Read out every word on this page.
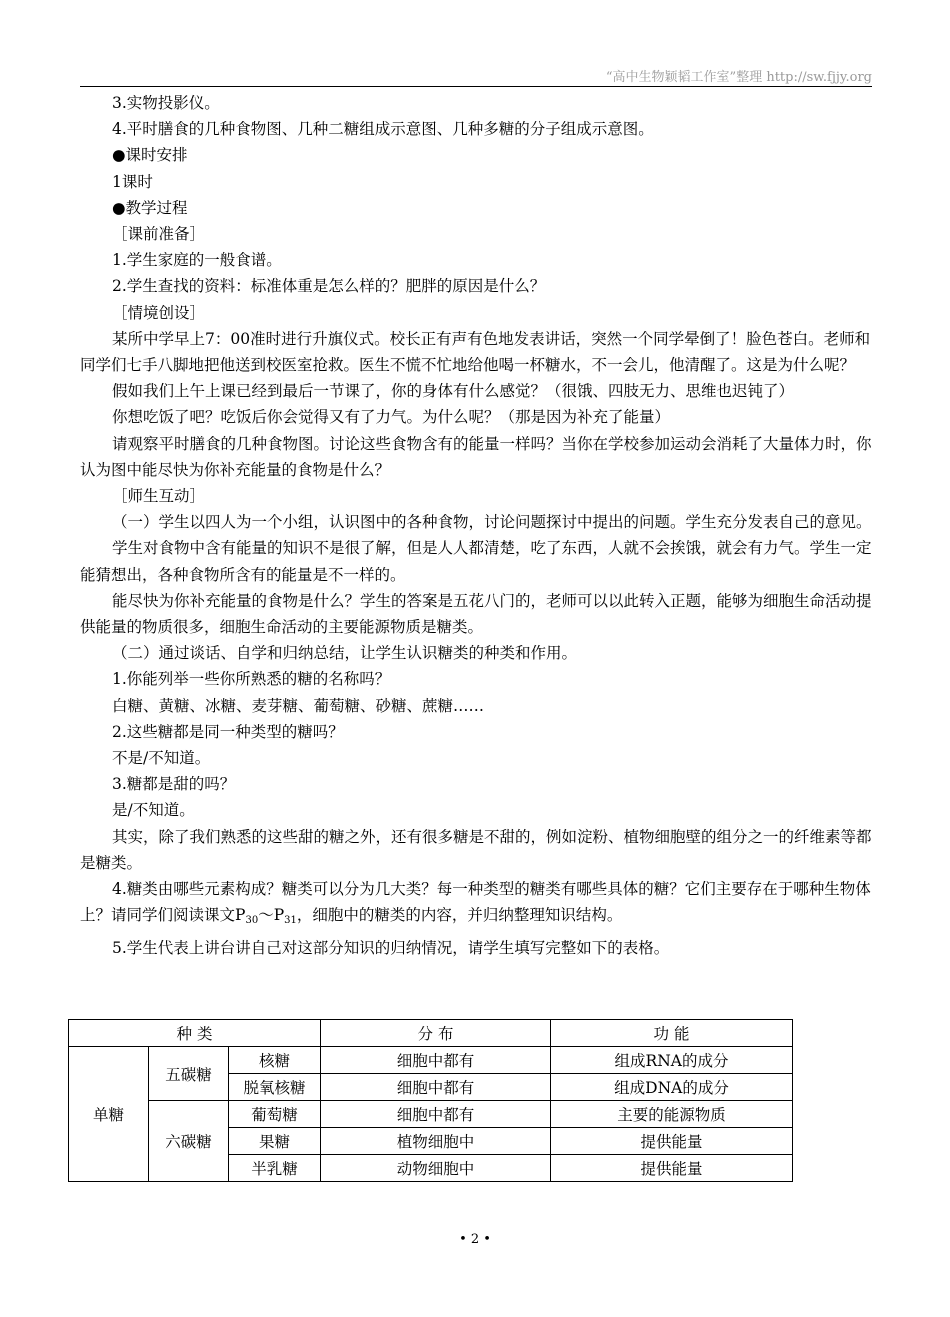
“高中生物颖韬工作室”整理 http://sw.fjjy.org

3.实物投影仪。

4.平时膳食的几种食物图、几种二糖组成示意图、几种多糖的分子组成示意图。

●课时安排

1课时

●教学过程

［课前准备］

1.学生家庭的一般食谱。

2.学生查找的资料：标准体重是怎么样的？肥胖的原因是什么？

［情境创设］

某所中学早上7：00准时进行升旗仪式。校长正有声有色地发表讲话，突然一个同学晕倒了！脸色苍白。老师和同学们七手八脚地把他送到校医室抢救。医生不慌不忙地给他喝一杯糖水，不一会儿，他清醒了。这是为什么呢？

假如我们上午上课已经到最后一节课了，你的身体有什么感觉？（很饿、四肢无力、思维也迟钝了）

你想吃饭了吧？吃饭后你会觉得又有了力气。为什么呢？（那是因为补充了能量）

请观察平时膳食的几种食物图。讨论这些食物含有的能量一样吗？当你在学校参加运动会消耗了大量体力时，你认为图中能尽快为你补充能量的食物是什么？

［师生互动］

（一）学生以四人为一个小组，认识图中的各种食物，讨论问题探讨中提出的问题。学生充分发表自己的意见。

学生对食物中含有能量的知识不是很了解，但是人人都清楚，吃了东西，人就不会挨饿，就会有力气。学生一定能猜想出，各种食物所含有的能量是不一样的。

能尽快为你补充能量的食物是什么？学生的答案是五花八门的，老师可以以此转入正题，能够为细胞生命活动提供能量的物质很多，细胞生命活动的主要能源物质是糖类。

（二）通过谈话、自学和归纳总结，让学生认识糖类的种类和作用。

1.你能列举一些你所熟悉的糖的名称吗？

白糖、黄糖、冰糖、麦芽糖、葡萄糖、砂糖、蔗糖……

2.这些糖都是同一种类型的糖吗？

不是/不知道。

3.糖都是甜的吗？

是/不知道。

其实，除了我们熟悉的这些甜的糖之外，还有很多糖是不甜的，例如淀粉、植物细胞壁的组分之一的纤维素等都是糖类。

4.糖类由哪些元素构成？糖类可以分为几大类？每一种类型的糖类有哪些具体的糖？它们主要存在于哪种生物体上？请同学们阅读课文$P_{30}\sim P_{31}$，细胞中的糖类的内容，并归纳整理知识结构。

5.学生代表上讲台讲自己对这部分知识的归纳情况，请学生填写完整如下的表格。

种 类			分 布	功 能
单糖	五碳糖	核糖	细胞中都有	组成RNA的成分
		脱氧核糖	细胞中都有	组成DNA的成分
	六碳糖	葡萄糖	细胞中都有	主要的能源物质
		果糖	植物细胞中	提供能量
		半乳糖	动物细胞中	提供能量
• 2 •
